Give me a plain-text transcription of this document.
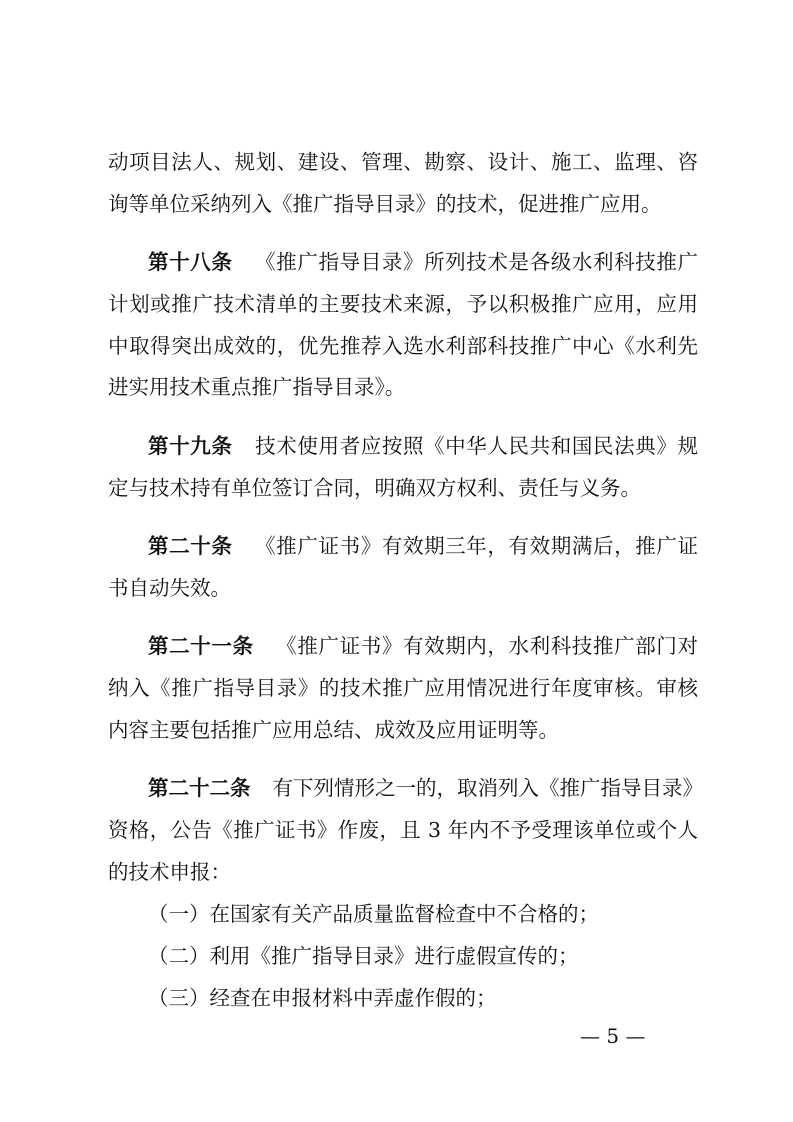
动项目法人、规划、建设、管理、勘察、设计、施工、监理、咨
询等单位采纳列入《推广指导目录》的技术，促进推广应用。
第十八条 《推广指导目录》所列技术是各级水利科技推广
计划或推广技术清单的主要技术来源，予以积极推广应用，应用
中取得突出成效的，优先推荐入选水利部科技推广中心《水利先
进实用技术重点推广指导目录》。
第十九条 技术使用者应按照《中华人民共和国民法典》规
定与技术持有单位签订合同，明确双方权利、责任与义务。
第二十条 《推广证书》有效期三年，有效期满后，推广证
书自动失效。
第二十一条 《推广证书》有效期内，水利科技推广部门对
纳入《推广指导目录》的技术推广应用情况进行年度审核。审核
内容主要包括推广应用总结、成效及应用证明等。
第二十二条 有下列情形之一的，取消列入《推广指导目录》
资格，公告《推广证书》作废，且 3 年内不予受理该单位或个人
的技术申报：
（一）在国家有关产品质量监督检查中不合格的；
（二）利用《推广指导目录》进行虚假宣传的；
（三）经查在申报材料中弄虚作假的；
— 5 —
